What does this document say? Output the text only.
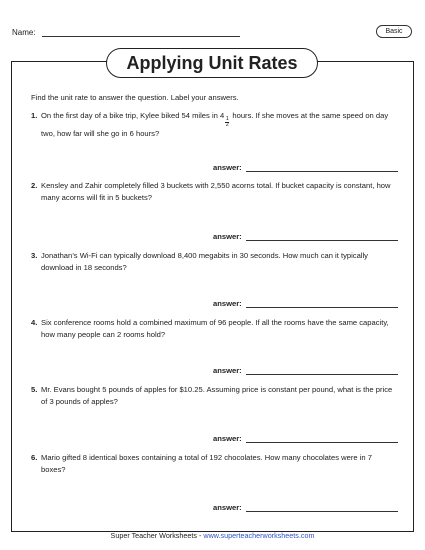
Name:	Basic
Applying Unit Rates
Find the unit rate to answer the question. Label your answers.
1. On the first day of a bike trip, Kylee biked 54 miles in 4
$\frac{1}{2}$
hours. If she moves at the same speed on day two, how far will she go in 6 hours?
answer:
2. Kensley and Zahir completely filled 3 buckets with 2,550 acorns total. If bucket capacity is constant, how many acorns will fit in 5 buckets?
answer:
3. Jonathan’s Wi-Fi can typically download 8,400 megabits in 30 seconds. How much can it typically download in 18 seconds?
answer:
4. Six conference rooms hold a combined maximum of 96 people. If all the rooms have the same capacity, how many people can 2 rooms hold?
answer:
5. Mr. Evans bought 5 pounds of apples for $10.25. Assuming price is constant per pound, what is the price of 3 pounds of apples?
answer:
6. Mario gifted 8 identical boxes containing a total of 192 chocolates. How many chocolates were in 7 boxes?
answer:
Super Teacher Worksheets - www.superteacherworksheets.com
